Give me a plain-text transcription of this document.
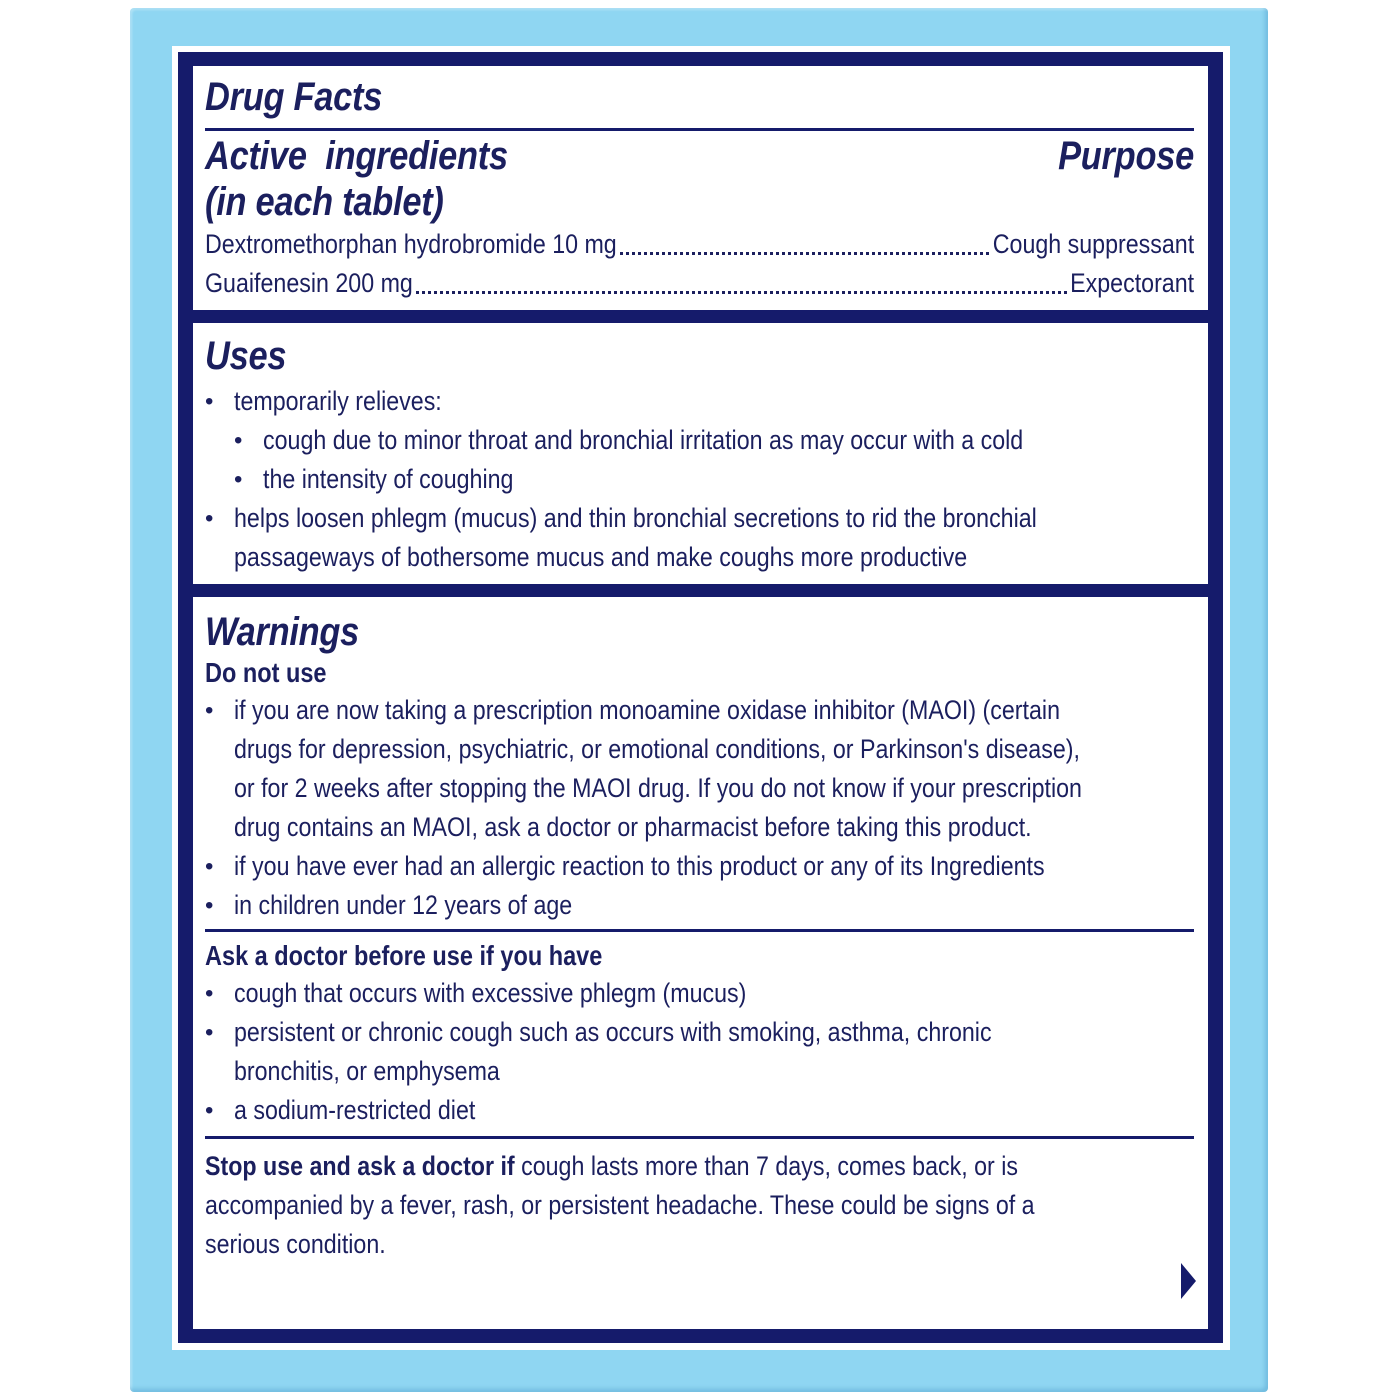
Drug Facts
Active  ingredients	Purpose
(in each tablet)
Dextromethorphan hydrobromide 10 mg	Cough suppressant
Guaifenesin 200 mg	Expectorant
Uses
• temporarily relieves:
• cough due to minor throat and bronchial irritation as may occur with a cold
• the intensity of coughing
• helps loosen phlegm (mucus) and thin bronchial secretions to rid the bronchial
passageways of bothersome mucus and make coughs more productive
Warnings
Do not use
• if you are now taking a prescription monoamine oxidase inhibitor (MAOI) (certain
drugs for depression, psychiatric, or emotional conditions, or Parkinson's disease),
or for 2 weeks after stopping the MAOI drug. If you do not know if your prescription
drug contains an MAOI, ask a doctor or pharmacist before taking this product.
• if you have ever had an allergic reaction to this product or any of its Ingredients
• in children under 12 years of age
Ask a doctor before use if you have
• cough that occurs with excessive phlegm (mucus)
• persistent or chronic cough such as occurs with smoking, asthma, chronic
bronchitis, or emphysema
• a sodium-restricted diet
Stop use and ask a doctor if cough lasts more than 7 days, comes back, or is
accompanied by a fever, rash, or persistent headache. These could be signs of a
serious condition.
